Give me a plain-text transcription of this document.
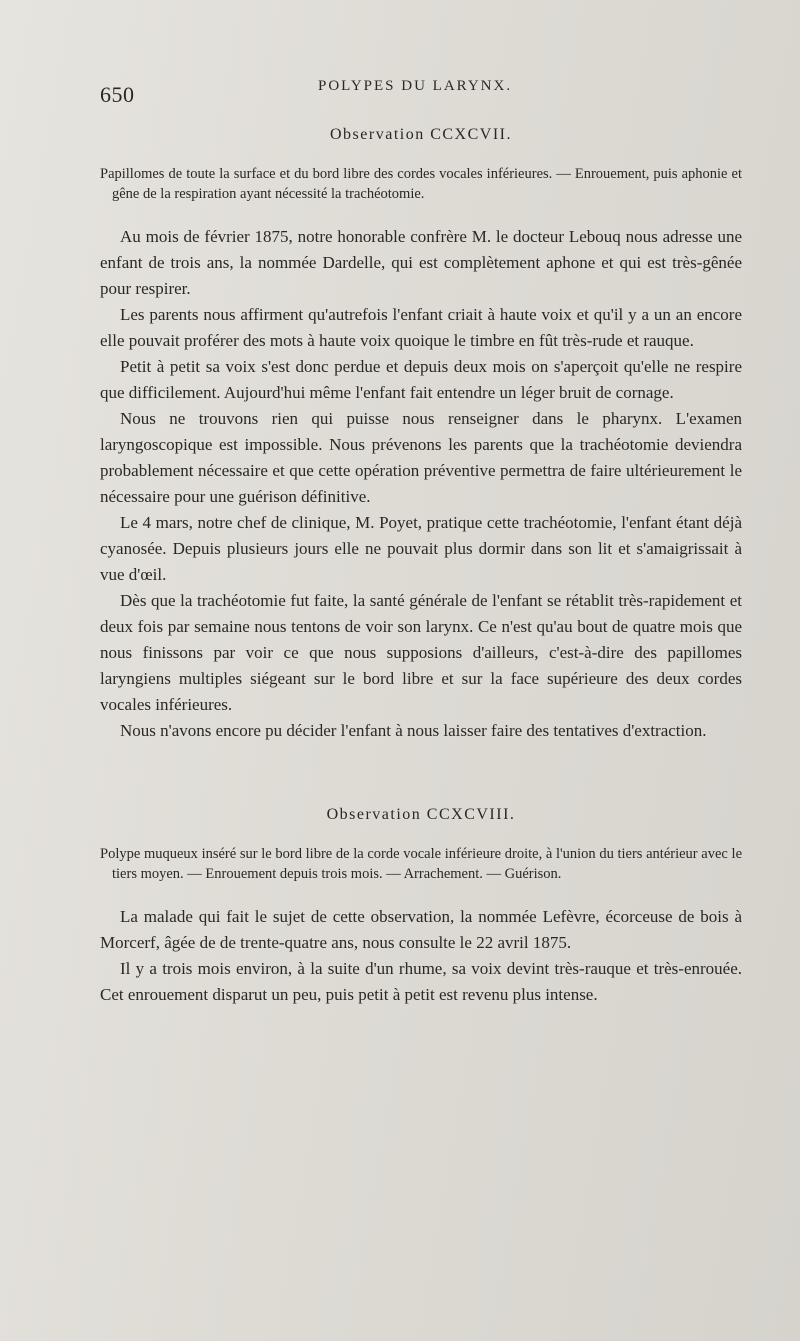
650	POLYPES DU LARYNX.
Observation CCXCVII.

Papillomes de toute la surface et du bord libre des cordes vocales inférieures. — Enrouement, puis aphonie et gêne de la respiration ayant nécessité la trachéotomie.

Au mois de février 1875, notre honorable confrère M. le docteur Lebouq nous adresse une enfant de trois ans, la nommée Dardelle, qui est complètement aphone et qui est très-gênée pour respirer.

Les parents nous affirment qu'autrefois l'enfant criait à haute voix et qu'il y a un an encore elle pouvait proférer des mots à haute voix quoique le timbre en fût très-rude et rauque.

Petit à petit sa voix s'est donc perdue et depuis deux mois on s'aperçoit qu'elle ne respire que difficilement. Aujourd'hui même l'enfant fait entendre un léger bruit de cornage.

Nous ne trouvons rien qui puisse nous renseigner dans le pharynx. L'examen laryngoscopique est impossible. Nous prévenons les parents que la trachéotomie deviendra probablement nécessaire et que cette opération préventive permettra de faire ultérieurement le nécessaire pour une guérison définitive.

Le 4 mars, notre chef de clinique, M. Poyet, pratique cette trachéotomie, l'enfant étant déjà cyanosée. Depuis plusieurs jours elle ne pouvait plus dormir dans son lit et s'amaigrissait à vue d'œil.

Dès que la trachéotomie fut faite, la santé générale de l'enfant se rétablit très-rapidement et deux fois par semaine nous tentons de voir son larynx. Ce n'est qu'au bout de quatre mois que nous finissons par voir ce que nous supposions d'ailleurs, c'est-à-dire des papillomes laryngiens multiples siégeant sur le bord libre et sur la face supérieure des deux cordes vocales inférieures.

Nous n'avons encore pu décider l'enfant à nous laisser faire des tentatives d'extraction.

Observation CCXCVIII.

Polype muqueux inséré sur le bord libre de la corde vocale inférieure droite, à l'union du tiers antérieur avec le tiers moyen. — Enrouement depuis trois mois. — Arrachement. — Guérison.

La malade qui fait le sujet de cette observation, la nommée Lefèvre, écorceuse de bois à Morcerf, âgée de de trente-quatre ans, nous consulte le 22 avril 1875.

Il y a trois mois environ, à la suite d'un rhume, sa voix devint très-rauque et très-enrouée. Cet enrouement disparut un peu, puis petit à petit est revenu plus intense.
